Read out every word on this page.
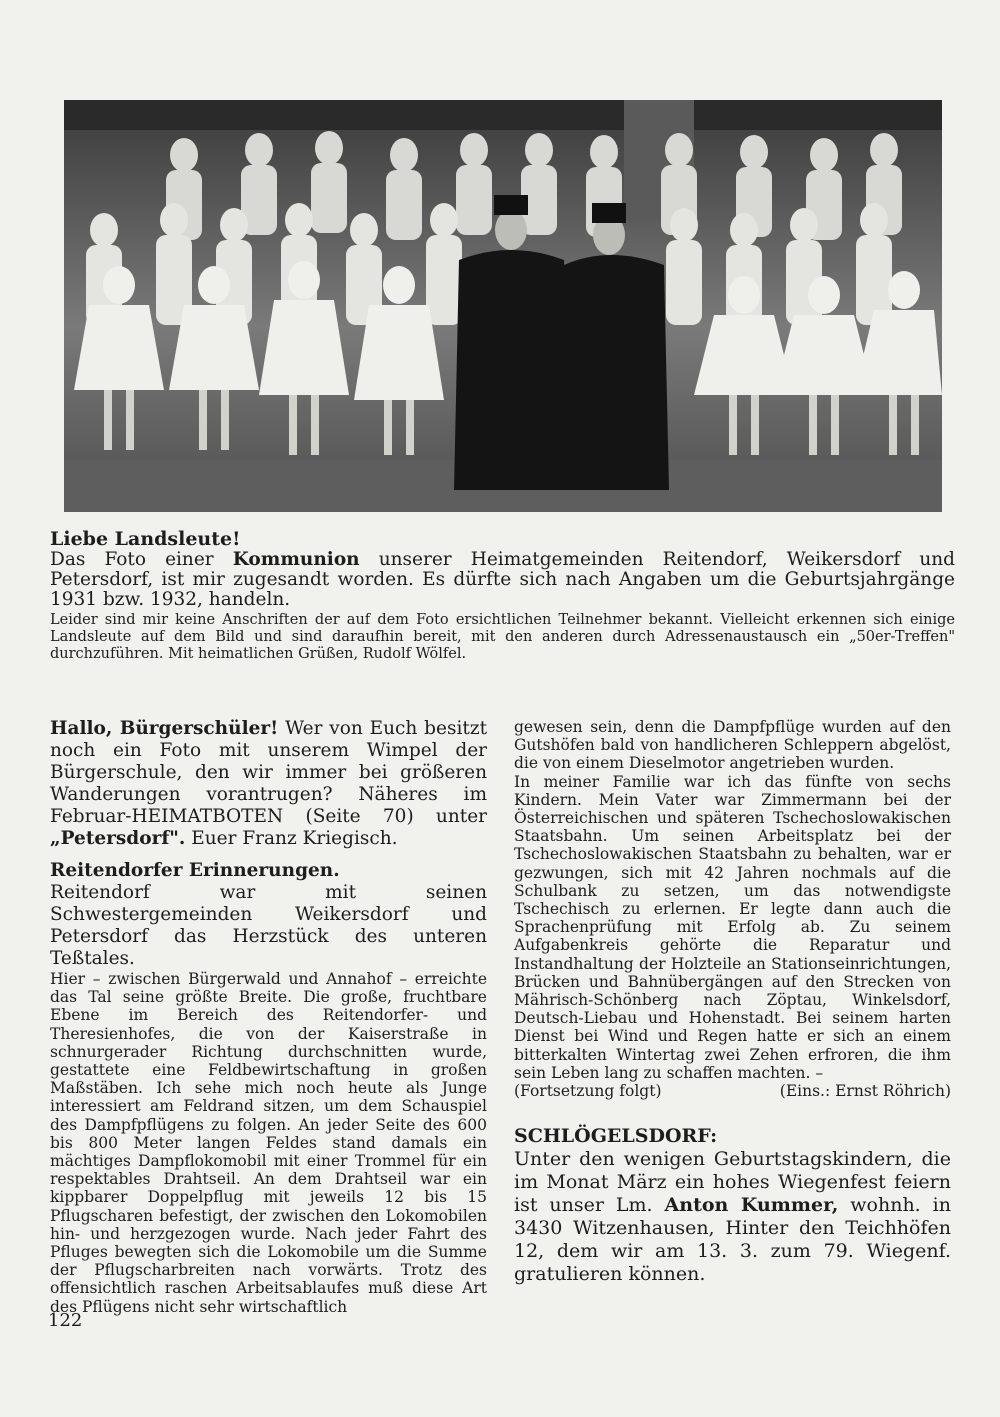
Liebe Landsleute!

Das Foto einer Kommunion unserer Heimatgemeinden Reitendorf, Weikersdorf und Petersdorf, ist mir zugesandt worden. Es dürfte sich nach Angaben um die Geburtsjahrgänge 1931 bzw. 1932, handeln.

Leider sind mir keine Anschriften der auf dem Foto ersichtlichen Teilnehmer bekannt. Vielleicht erkennen sich einige Landsleute auf dem Bild und sind daraufhin bereit, mit den anderen durch Adressenaustausch ein „50er-Treffen" durchzuführen. Mit heimatlichen Grüßen, Rudolf Wölfel.

Hallo, Bürgerschüler! Wer von Euch besitzt noch ein Foto mit unserem Wimpel der Bürgerschule, den wir immer bei größeren Wanderungen vorantrugen? Näheres im Februar-HEIMATBOTEN (Seite 70) unter „Petersdorf". Euer Franz Kriegisch.

Reitendorfer Erinnerungen.

Reitendorf war mit seinen Schwestergemeinden Weikersdorf und Petersdorf das Herzstück des unteren Teßtales.

Hier – zwischen Bürgerwald und Annahof – erreichte das Tal seine größte Breite. Die große, fruchtbare Ebene im Bereich des Reitendorfer- und Theresienhofes, die von der Kaiserstraße in schnurgerader Richtung durchschnitten wurde, gestattete eine Feldbewirtschaftung in großen Maßstäben. Ich sehe mich noch heute als Junge interessiert am Feldrand sitzen, um dem Schauspiel des Dampfpflügens zu folgen. An jeder Seite des 600 bis 800 Meter langen Feldes stand damals ein mächtiges Dampflokomobil mit einer Trommel für ein respektables Drahtseil. An dem Drahtseil war ein kippbarer Doppelpflug mit jeweils 12 bis 15 Pflugscharen befestigt, der zwischen den Lokomobilen hin- und herzgezogen wurde. Nach jeder Fahrt des Pfluges bewegten sich die Lokomobile um die Summe der Pflugscharbreiten nach vorwärts. Trotz des offensichtlich raschen Arbeitsablaufes muß diese Art des Pflügens nicht sehr wirtschaftlich

gewesen sein, denn die Dampfpflüge wurden auf den Gutshöfen bald von handlicheren Schleppern abgelöst, die von einem Dieselmotor angetrieben wurden.

In meiner Familie war ich das fünfte von sechs Kindern. Mein Vater war Zimmermann bei der Österreichischen und späteren Tschechoslowakischen Staatsbahn. Um seinen Arbeitsplatz bei der Tschechoslowakischen Staatsbahn zu behalten, war er gezwungen, sich mit 42 Jahren nochmals auf die Schulbank zu setzen, um das notwendigste Tschechisch zu erlernen. Er legte dann auch die Sprachenprüfung mit Erfolg ab. Zu seinem Aufgabenkreis gehörte die Reparatur und Instandhaltung der Holzteile an Stationseinrichtungen, Brücken und Bahnübergängen auf den Strecken von Mährisch-Schönberg nach Zöptau, Winkelsdorf, Deutsch-Liebau und Hohenstadt. Bei seinem harten Dienst bei Wind und Regen hatte er sich an einem bitterkalten Wintertag zwei Zehen erfroren, die ihm sein Leben lang zu schaffen machten. –

(Fortsetzung folgt)	(Eins.: Ernst Röhrich)

SCHLÖGELSDORF:

Unter den wenigen Geburtstagskindern, die im Monat März ein hohes Wiegenfest feiern ist unser Lm. Anton Kummer, wohnh. in 3430 Witzenhausen, Hinter den Teichhöfen 12, dem wir am 13. 3. zum 79. Wiegenf. gratulieren können.

122
